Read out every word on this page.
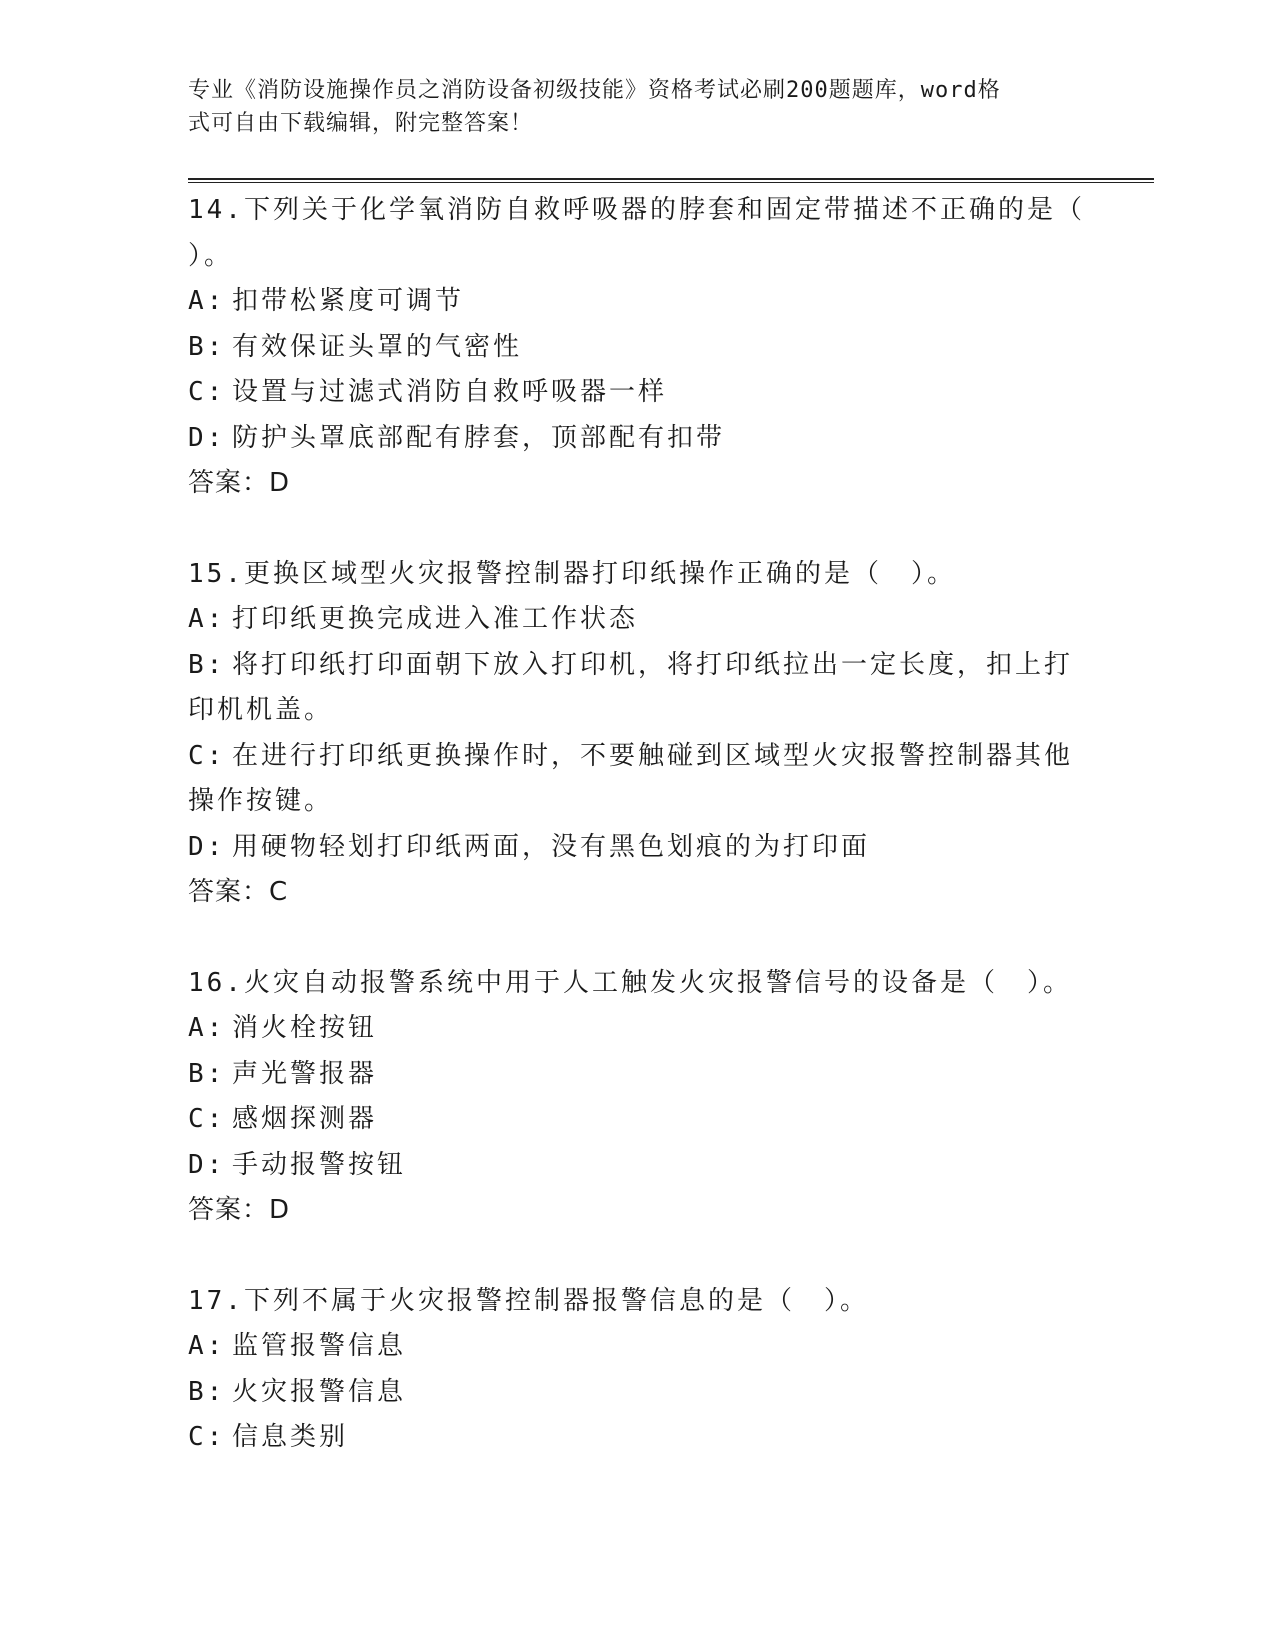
专业《消防设施操作员之消防设备初级技能》资格考试必刷200题题库，word格
式可自由下载编辑，附完整答案！
14.下列关于化学氧消防自救呼吸器的脖套和固定带描述不正确的是（
）。
A: 扣带松紧度可调节
B: 有效保证头罩的气密性
C: 设置与过滤式消防自救呼吸器一样
D: 防护头罩底部配有脖套，顶部配有扣带
答案：D
15.更换区域型火灾报警控制器打印纸操作正确的是（　）。
A: 打印纸更换完成进入准工作状态
B: 将打印纸打印面朝下放入打印机，将打印纸拉出一定长度，扣上打
印机机盖。
C: 在进行打印纸更换操作时，不要触碰到区域型火灾报警控制器其他
操作按键。
D: 用硬物轻划打印纸两面，没有黑色划痕的为打印面
答案：C
16.火灾自动报警系统中用于人工触发火灾报警信号的设备是（　）。
A: 消火栓按钮
B: 声光警报器
C: 感烟探测器
D: 手动报警按钮
答案：D
17.下列不属于火灾报警控制器报警信息的是（　）。
A: 监管报警信息
B: 火灾报警信息
C: 信息类别
